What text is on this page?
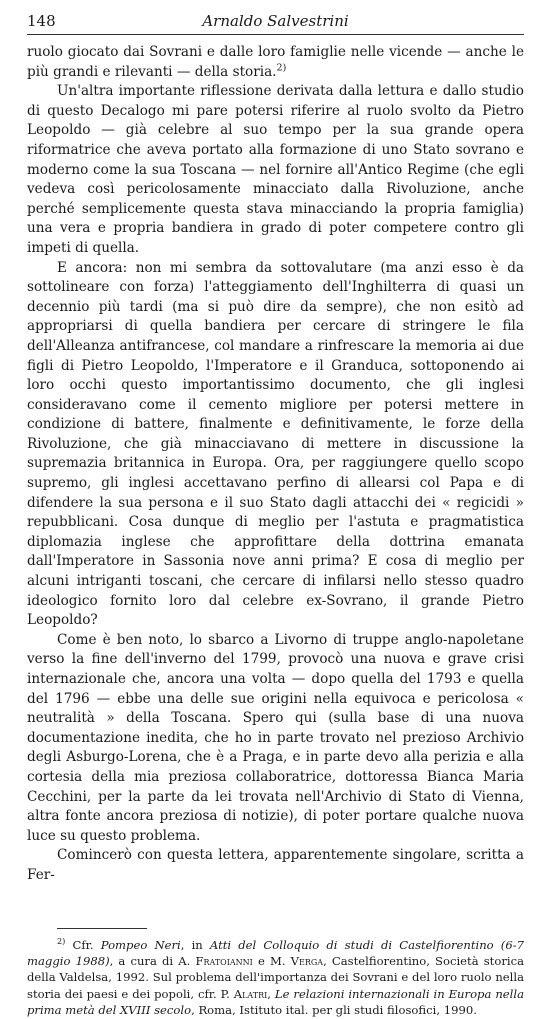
148	Arnaldo Salvestrini

ruolo giocato dai Sovrani e dalle loro famiglie nelle vicende — anche le più grandi e rilevanti — della storia.$^{2)}$

Un'altra importante riflessione derivata dalla lettura e dallo studio di questo Decalogo mi pare potersi riferire al ruolo svolto da Pietro Leopoldo — già celebre al suo tempo per la sua grande opera riformatrice che aveva portato alla formazione di uno Stato sovrano e moderno come la sua Toscana — nel fornire all'Antico Regime (che egli vedeva così pericolosamente minacciato dalla Rivoluzione, anche perché semplicemente questa stava minacciando la propria famiglia) una vera e propria bandiera in grado di poter competere contro gli impeti di quella.

E ancora: non mi sembra da sottovalutare (ma anzi esso è da sottolineare con forza) l'atteggiamento dell'Inghilterra di quasi un decennio più tardi (ma si può dire da sempre), che non esitò ad appropriarsi di quella bandiera per cercare di stringere le fila dell'Alleanza antifrancese, col mandare a rinfrescare la memoria ai due figli di Pietro Leopoldo, l'Imperatore e il Granduca, sottoponendo ai loro occhi questo importantissimo documento, che gli inglesi consideravano come il cemento migliore per potersi mettere in condizione di battere, finalmente e definitivamente, le forze della Rivoluzione, che già minacciavano di mettere in discussione la supremazia britannica in Europa. Ora, per raggiungere quello scopo supremo, gli inglesi accettavano perfino di allearsi col Papa e di difendere la sua persona e il suo Stato dagli attacchi dei « regicidi » repubblicani. Cosa dunque di meglio per l'astuta e pragmatistica diplomazia inglese che approfittare della dottrina emanata dall'Imperatore in Sassonia nove anni prima? E cosa di meglio per alcuni intriganti toscani, che cercare di infilarsi nello stesso quadro ideologico fornito loro dal celebre ex-Sovrano, il grande Pietro Leopoldo?

Come è ben noto, lo sbarco a Livorno di truppe anglo-napoletane verso la fine dell'inverno del 1799, provocò una nuova e grave crisi internazionale che, ancora una volta — dopo quella del 1793 e quella del 1796 — ebbe una delle sue origini nella equivoca e pericolosa « neutralità » della Toscana. Spero qui (sulla base di una nuova documentazione inedita, che ho in parte trovato nel prezioso Archivio degli Asburgo-Lorena, che è a Praga, e in parte devo alla perizia e alla cortesia della mia preziosa collaboratrice, dottoressa Bianca Maria Cecchini, per la parte da lei trovata nell'Archivio di Stato di Vienna, altra fonte ancora preziosa di notizie), di poter portare qualche nuova luce su questo problema.

Comincerò con questa lettera, apparentemente singolare, scritta a Fer-

$^{2)}$ Cfr. Pompeo Neri, in Atti del Colloquio di studi di Castelfiorentino (6-7 maggio 1988), a cura di A. Fratoianni e M. Verga, Castelfiorentino, Società storica della Valdelsa, 1992. Sul problema dell'importanza dei Sovrani e del loro ruolo nella storia dei paesi e dei popoli, cfr. P. Alatri, Le relazioni internazionali in Europa nella prima metà del XVIII secolo, Roma, Istituto ital. per gli studi filosofici, 1990.
